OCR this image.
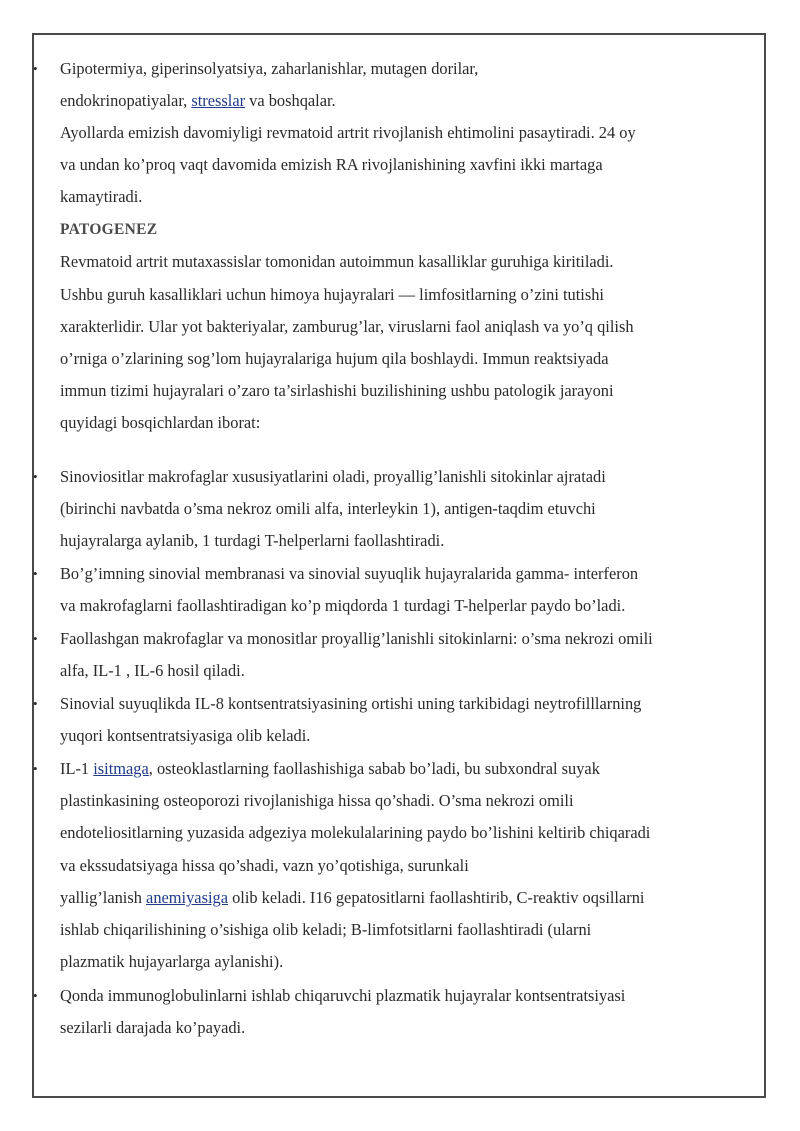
• Gipotermiya, giperinsolyatsiya, zaharlanishlar, mutagen dorilar,
endokrinopatiyalar, stresslar va boshqalar.
Ayollarda emizish davomiyligi revmatoid artrit rivojlanish ehtimolini pasaytiradi. 24 oy
va undan ko’proq vaqt davomida emizish RA rivojlanishining xavfini ikki martaga
kamaytiradi.
PATOGENEZ
Revmatoid artrit mutaxassislar tomonidan autoimmun kasalliklar guruhiga kiritiladi.
Ushbu guruh kasalliklari uchun himoya hujayralari — limfositlarning o’zini tutishi
xarakterlidir. Ular yot bakteriyalar, zamburug’lar, viruslarni faol aniqlash va yo’q qilish
o’rniga o’zlarining sog’lom hujayralariga hujum qila boshlaydi. Immun reaktsiyada
immun tizimi hujayralari o’zaro ta’sirlashishi buzilishining ushbu patologik jarayoni
quyidagi bosqichlardan iborat:
• Sinoviositlar makrofaglar xususiyatlarini oladi, proyallig’lanishli sitokinlar ajratadi
(birinchi navbatda o’sma nekroz omili alfa, interleykin 1), antigen-taqdim etuvchi
hujayralarga aylanib, 1 turdagi T-helperlarni faollashtiradi.
• Bo’g’imning sinovial membranasi va sinovial suyuqlik hujayralarida gamma- interferon
va makrofaglarni faollashtiradigan ko’p miqdorda 1 turdagi T-helperlar paydo bo’ladi.
• Faollashgan makrofaglar va monositlar proyallig’lanishli sitokinlarni: o’sma nekrozi omili
alfa, IL-1 , IL-6 hosil qiladi.
• Sinovial suyuqlikda IL-8 kontsentratsiyasining ortishi uning tarkibidagi neytrofilllarning
yuqori kontsentratsiyasiga olib keladi.
• IL-1 isitmaga, osteoklastlarning faollashishiga sabab bo’ladi, bu subxondral suyak
plastinkasining osteoporozi rivojlanishiga hissa qo’shadi. O’sma nekrozi omili
endoteliositlarning yuzasida adgeziya molekulalarining paydo bo’lishini keltirib chiqaradi
va ekssudatsiyaga hissa qo’shadi, vazn yo’qotishiga, surunkali
yallig’lanish anemiyasiga olib keladi. I16 gepatositlarni faollashtirib, C-reaktiv oqsillarni
ishlab chiqarilishining o’sishiga olib keladi; B-limfotsitlarni faollashtiradi (ularni
plazmatik hujayarlarga aylanishi).
• Qonda immunoglobulinlarni ishlab chiqaruvchi plazmatik hujayralar kontsentratsiyasi
sezilarli darajada ko’payadi.
